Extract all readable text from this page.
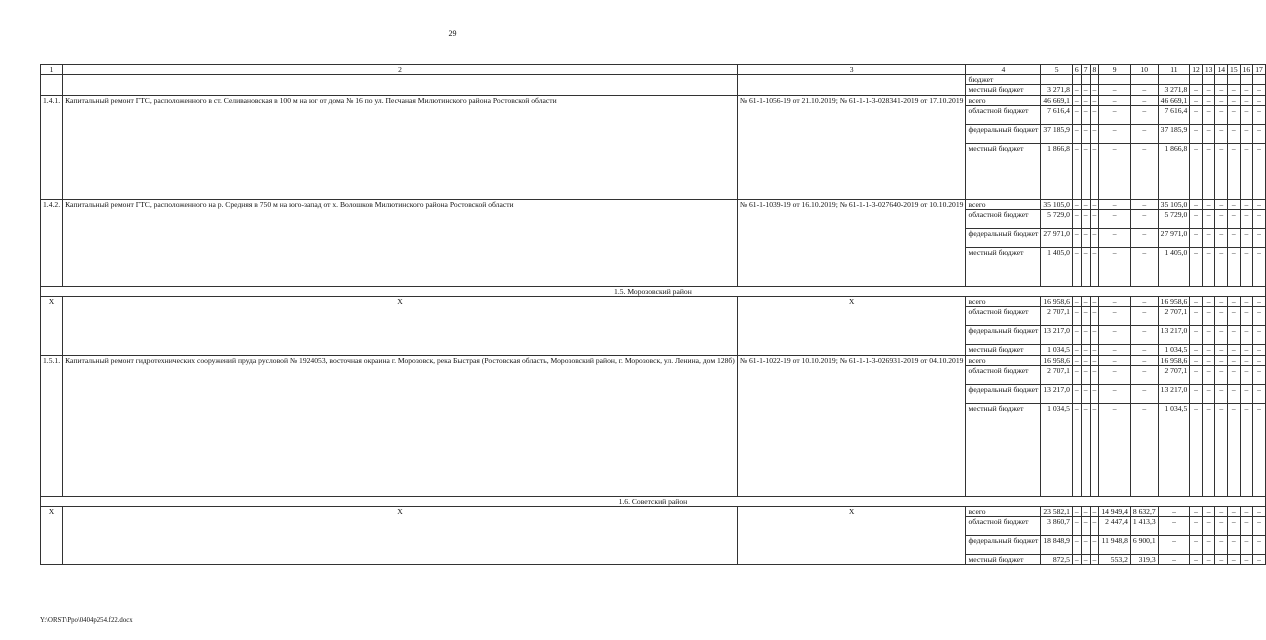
29
1	2	3	4	5	6	7	8	9	10	11	12	13	14	15	16	17
			бюджет													
			местный бюджет	3 271,8	–	–	–	–	–	3 271,8	–	–	–	–	–	–
1.4.1.	Капитальный ремонт ГТС, расположенного в ст. Селивановская в 100 м на юг от дома № 16 по ул. Песчаная Милютинского района Ростовской области	№ 61-1-1056-19 от 21.10.2019; № 61-1-1-3-028341-2019 от 17.10.2019	всего	46 669,1	–	–	–	–	–	46 669,1	–	–	–	–	–	–
			областной бюджет	7 616,4	–	–	–	–	–	7 616,4	–	–	–	–	–	–
			федеральный бюджет	37 185,9	–	–	–	–	–	37 185,9	–	–	–	–	–	–
			местный бюджет	1 866,8	–	–	–	–	–	1 866,8	–	–	–	–	–	–
1.4.2.	Капитальный ремонт ГТС, расположенного на р. Средняя в 750 м на юго-запад от х. Волошков Милютинского района Ростовской области	№ 61-1-1039-19 от 16.10.2019; № 61-1-1-3-027640-2019 от 10.10.2019	всего	35 105,0	–	–	–	–	–	35 105,0	–	–	–	–	–	–
			областной бюджет	5 729,0	–	–	–	–	–	5 729,0	–	–	–	–	–	–
			федеральный бюджет	27 971,0	–	–	–	–	–	27 971,0	–	–	–	–	–	–
			местный бюджет	1 405,0	–	–	–	–	–	1 405,0	–	–	–	–	–	–
1.5. Морозовский район																
Х	Х	Х	всего	16 958,6	–	–	–	–	–	16 958,6	–	–	–	–	–	–
			областной бюджет	2 707,1	–	–	–	–	–	2 707,1	–	–	–	–	–	–
			федеральный бюджет	13 217,0	–	–	–	–	–	13 217,0	–	–	–	–	–	–
			местный бюджет	1 034,5	–	–	–	–	–	1 034,5	–	–	–	–	–	–
1.5.1.	Капитальный ремонт гидротехнических сооружений пруда русловой № 1924053, восточная окраина г. Морозовск, река Быстрая (Ростовская область, Морозовский район, г. Морозовск, ул. Ленина, дом 128б)	№ 61-1-1022-19 от 10.10.2019; № 61-1-1-3-026931-2019 от 04.10.2019	всего	16 958,6	–	–	–	–	–	16 958,6	–	–	–	–	–	–
			областной бюджет	2 707,1	–	–	–	–	–	2 707,1	–	–	–	–	–	–
			федеральный бюджет	13 217,0	–	–	–	–	–	13 217,0	–	–	–	–	–	–
			местный бюджет	1 034,5	–	–	–	–	–	1 034,5	–	–	–	–	–	–
1.6. Советский район																
Х	Х	Х	всего	23 582,1	–	–	–	14 949,4	8 632,7	–	–	–	–	–	–	–
			областной бюджет	3 860,7	–	–	–	2 447,4	1 413,3	–	–	–	–	–	–	–
			федеральный бюджет	18 848,9	–	–	–	11 948,8	6 900,1	–	–	–	–	–	–	–
			местный бюджет	872,5	–	–	–	553,2	319,3	–	–	–	–	–	–	–
Y:\ORST\Ppo\0404p254.f22.docx
